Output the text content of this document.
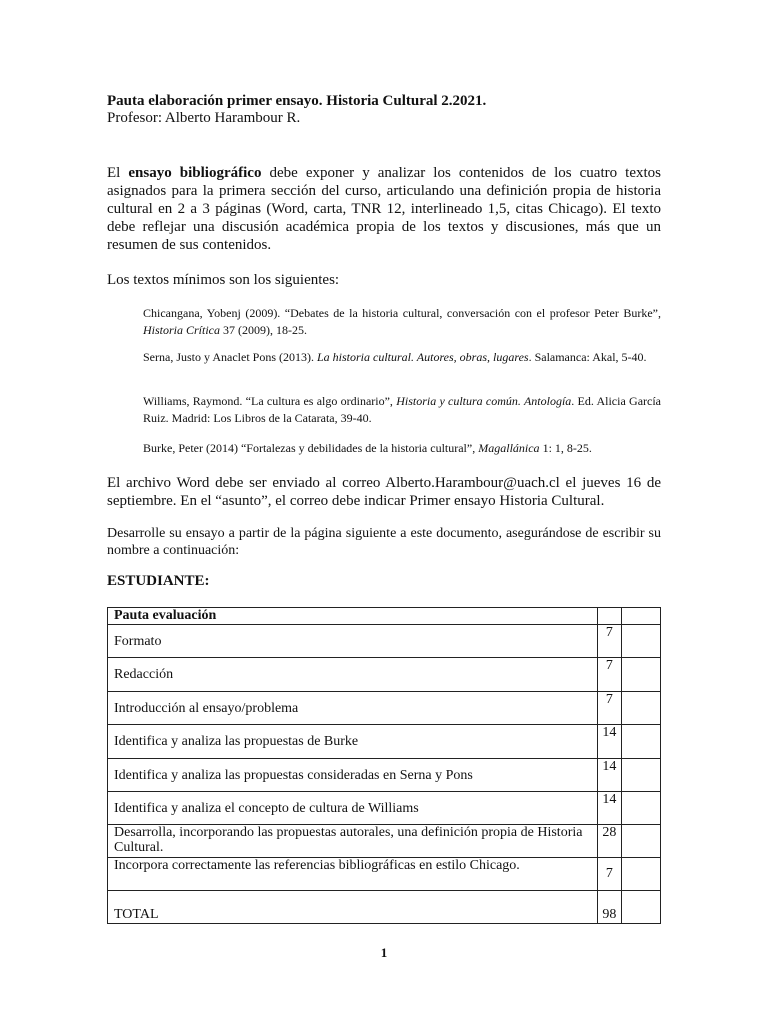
Pauta elaboración primer ensayo. Historia Cultural 2.2021.
Profesor: Alberto Harambour R.
El ensayo bibliográfico debe exponer y analizar los contenidos de los cuatro textos asignados para la primera sección del curso, articulando una definición propia de historia cultural en 2 a 3 páginas (Word, carta, TNR 12, interlineado 1,5, citas Chicago). El texto debe reflejar una discusión académica propia de los textos y discusiones, más que un resumen de sus contenidos.
Los textos mínimos son los siguientes:
Chicangana, Yobenj (2009). “Debates de la historia cultural, conversación con el profesor Peter Burke”, Historia Crítica 37 (2009), 18-25.
Serna, Justo y Anaclet Pons (2013). La historia cultural. Autores, obras, lugares. Salamanca: Akal, 5-40.
Williams, Raymond. “La cultura es algo ordinario”, Historia y cultura común. Antología. Ed. Alicia García Ruiz. Madrid: Los Libros de la Catarata, 39-40.
Burke, Peter (2014) “Fortalezas y debilidades de la historia cultural”, Magallánica 1: 1, 8-25.
El archivo Word debe ser enviado al correo Alberto.Harambour@uach.cl el jueves 16 de septiembre. En el “asunto”, el correo debe indicar Primer ensayo Historia Cultural.
Desarrolle su ensayo a partir de la página siguiente a este documento, asegurándose de escribir su nombre a continuación:
ESTUDIANTE:
Pauta evaluación		

Formato	7	

Redacción	7	

Introducción al ensayo/problema	7	

Identifica y analiza las propuestas de Burke	14	

Identifica y analiza las propuestas consideradas en Serna y Pons	14	

Identifica y analiza el concepto de cultura de Williams	14	

Desarrolla, incorporando las propuestas autorales, una definición propia de Historia Cultural.	28	

Incorpora correctamente las referencias bibliográficas en estilo Chicago.	7	
TOTAL	98	
1
